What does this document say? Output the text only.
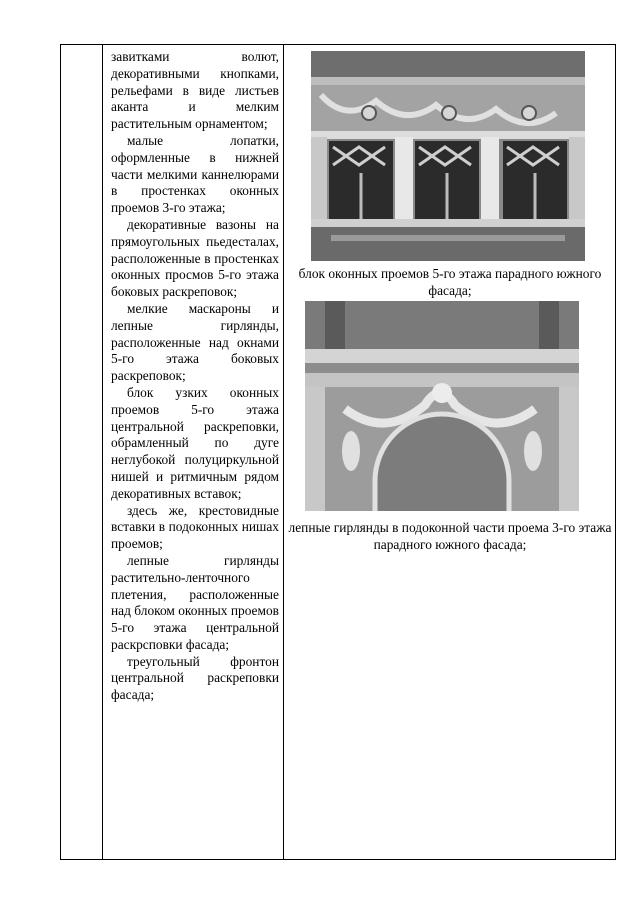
завитками волют, декоративными кнопками, рельефами в виде листьев аканта и мелким растительным орнаментом;

малые лопатки, оформленные в нижней части мелкими каннелюрами в простенках оконных проемов 3-го этажа;

декоративные вазоны на прямоугольных пьедесталах, расположенные в простенках оконных просмов 5-го этажа боковых раскреповок;

мелкие маскароны и лепные гирлянды, расположенные над окнами 5-го этажа боковых раскреповок;

блок узких оконных проемов 5-го этажа центральной раскреповки, обрамленный по дуге неглубокой полуциркульной нишей и ритмичным рядом декоративных вставок;

здесь же, крестовидные вставки в подоконных нишах проемов;

лепные гирлянды растительно-ленточного плетения, расположенные над блоком оконных проемов 5-го этажа центральной раскрсповки фасада;

треугольный фронтон центральной раскреповки фасада;

блок оконных проемов 5-го этажа парадного южного фасада;
лепные гирлянды в подоконной части проема 3-го этажа парадного южного фасада;
